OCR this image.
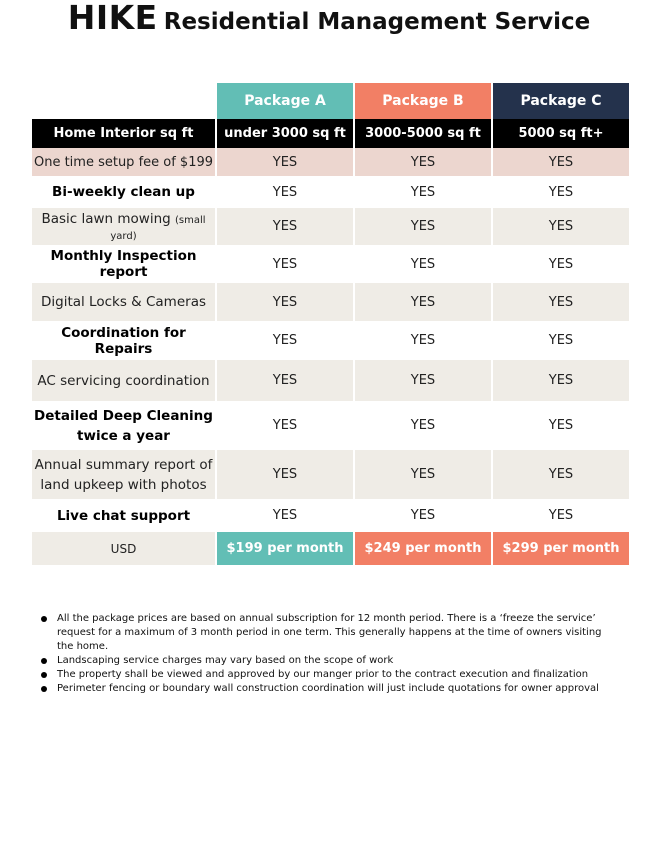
HIKE Residential Management Service
	Package A	Package B	Package C
Home Interior sq ft	under 3000 sq ft	3000-5000 sq ft	5000 sq ft+
One time setup fee of $199	YES	YES	YES
Bi-weekly clean up	YES	YES	YES
Basic lawn mowing (small yard)	YES	YES	YES
Monthly Inspection report	YES	YES	YES
Digital Locks & Cameras	YES	YES	YES
Coordination for Repairs	YES	YES	YES
AC servicing coordination	YES	YES	YES
Detailed Deep Cleaning
twice a year	YES	YES	YES
Annual summary report of
land upkeep with photos	YES	YES	YES
Live chat support	YES	YES	YES
USD	$199 per month	$249 per month	$299 per month
All the package prices are based on annual subscription for 12 month period. There is a ‘freeze the service’ request for a maximum of 3 month period in one term. This generally happens at the time of owners visiting the home.
Landscaping service charges may vary based on the scope of work
The property shall be viewed and approved by our manger prior to the contract execution and finalization
Perimeter fencing or boundary wall construction coordination will just include quotations for owner approval
